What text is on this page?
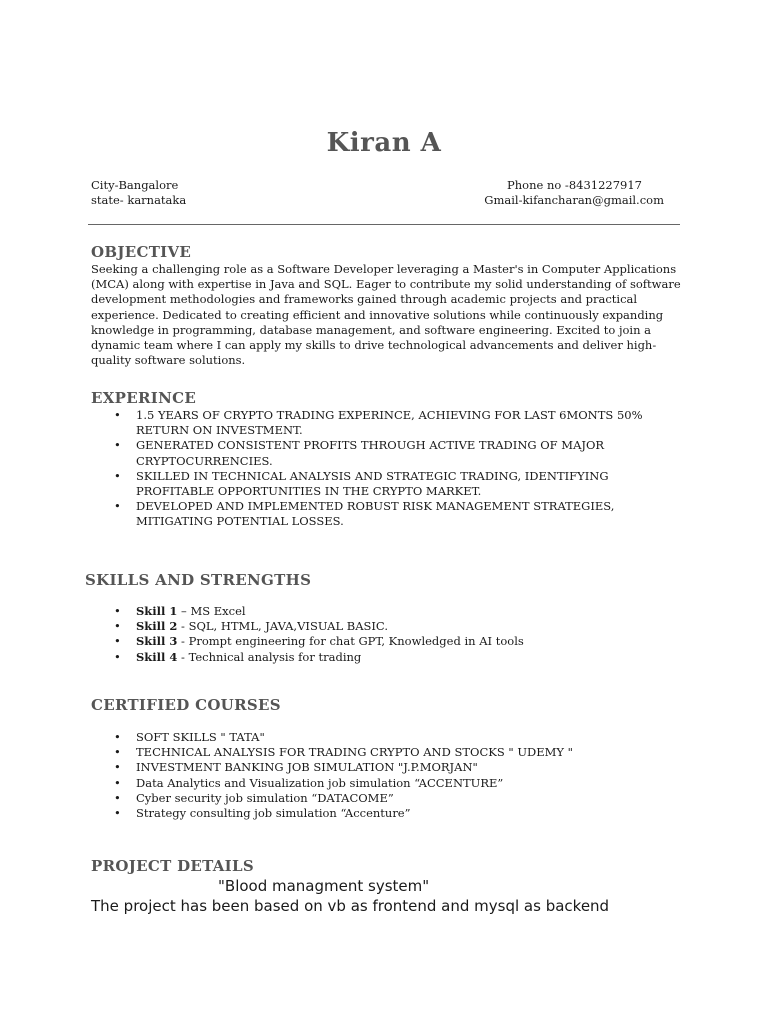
Kiran A
City-Bangalore
state- karnataka
Phone no -8431227917
Gmail-kifancharan@gmail.com
OBJECTIVE
Seeking a challenging role as a Software Developer leveraging a Master's in Computer Applications (MCA) along with expertise in Java and SQL. Eager to contribute my solid understanding of software development methodologies and frameworks gained through academic projects and practical experience. Dedicated to creating efficient and innovative solutions while continuously expanding knowledge in programming, database management, and software engineering. Excited to join a dynamic team where I can apply my skills to drive technological advancements and deliver high-quality software solutions.
EXPERINCE
• 1.5 YEARS OF CRYPTO TRADING EXPERINCE, ACHIEVING FOR LAST 6MONTS 50% RETURN ON INVESTMENT.
• GENERATED CONSISTENT PROFITS THROUGH ACTIVE TRADING OF MAJOR CRYPTOCURRENCIES.
• SKILLED IN TECHNICAL ANALYSIS AND STRATEGIC TRADING, IDENTIFYING PROFITABLE OPPORTUNITIES IN THE CRYPTO MARKET.
• DEVELOPED AND IMPLEMENTED ROBUST RISK MANAGEMENT STRATEGIES, MITIGATING POTENTIAL LOSSES.
SKILLS AND STRENGTHS
• Skill 1 – MS Excel
• Skill 2 - SQL, HTML, JAVA,VISUAL BASIC.
• Skill 3 - Prompt engineering for chat GPT, Knowledged in AI tools
• Skill 4 - Technical analysis for trading
CERTIFIED COURSES
• SOFT SKILLS " TATA"
• TECHNICAL ANALYSIS FOR TRADING CRYPTO AND STOCKS " UDEMY "
• INVESTMENT BANKING JOB SIMULATION "J.P.MORJAN"
• Data Analytics and Visualization job simulation “ACCENTURE”
• Cyber security job simulation “DATACOME”
• Strategy consulting job simulation “Accenture”
PROJECT DETAILS
"Blood managment system"
The project has been based on vb as frontend and mysql as backend
